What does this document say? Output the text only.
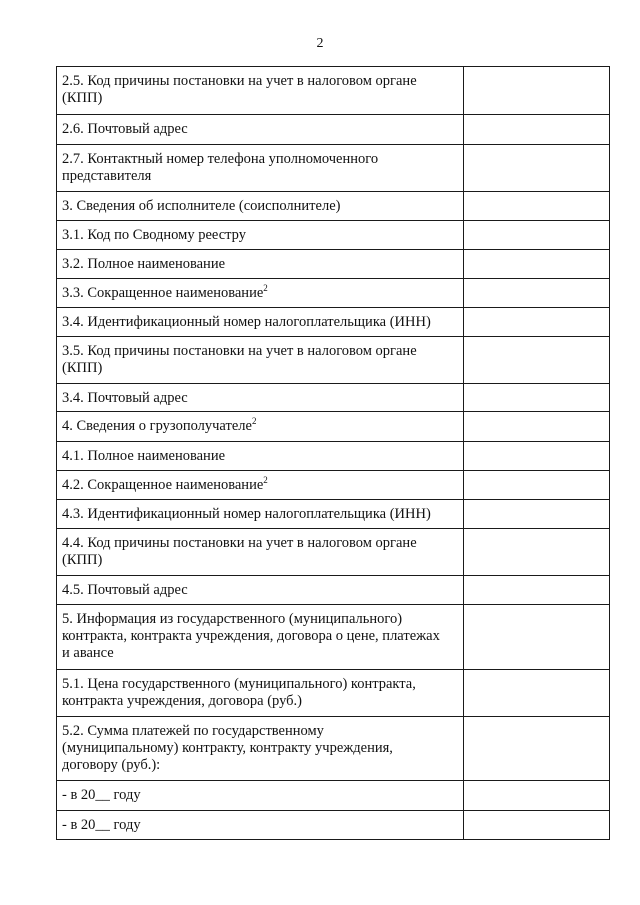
2
2.5. Код причины постановки на учет в налоговом органе
(КПП)	

2.6. Почтовый адрес	

2.7. Контактный номер телефона уполномоченного
представителя	

3. Сведения об исполнителе (соисполнителе)	

3.1. Код по Сводному реестру	

3.2. Полное наименование	

3.3. Сокращенное наименование$^2$

3.4. Идентификационный номер налогоплательщика (ИНН)	

3.5. Код причины постановки на учет в налоговом органе
(КПП)	

3.4. Почтовый адрес	

4. Сведения о грузополучателе$^2$

4.1. Полное наименование	

4.2. Сокращенное наименование$^2$

4.3. Идентификационный номер налогоплательщика (ИНН)	

4.4. Код причины постановки на учет в налоговом органе
(КПП)	

4.5. Почтовый адрес	

5. Информация из государственного (муниципального)
контракта, контракта учреждения, договора о цене, платежах
и авансе	

5.1. Цена государственного (муниципального) контракта,
контракта учреждения, договора (руб.)	

5.2. Сумма платежей по государственному
(муниципальному) контракту, контракту учреждения,
договору (руб.):	

- в 20__ году	

- в 20__ году	
